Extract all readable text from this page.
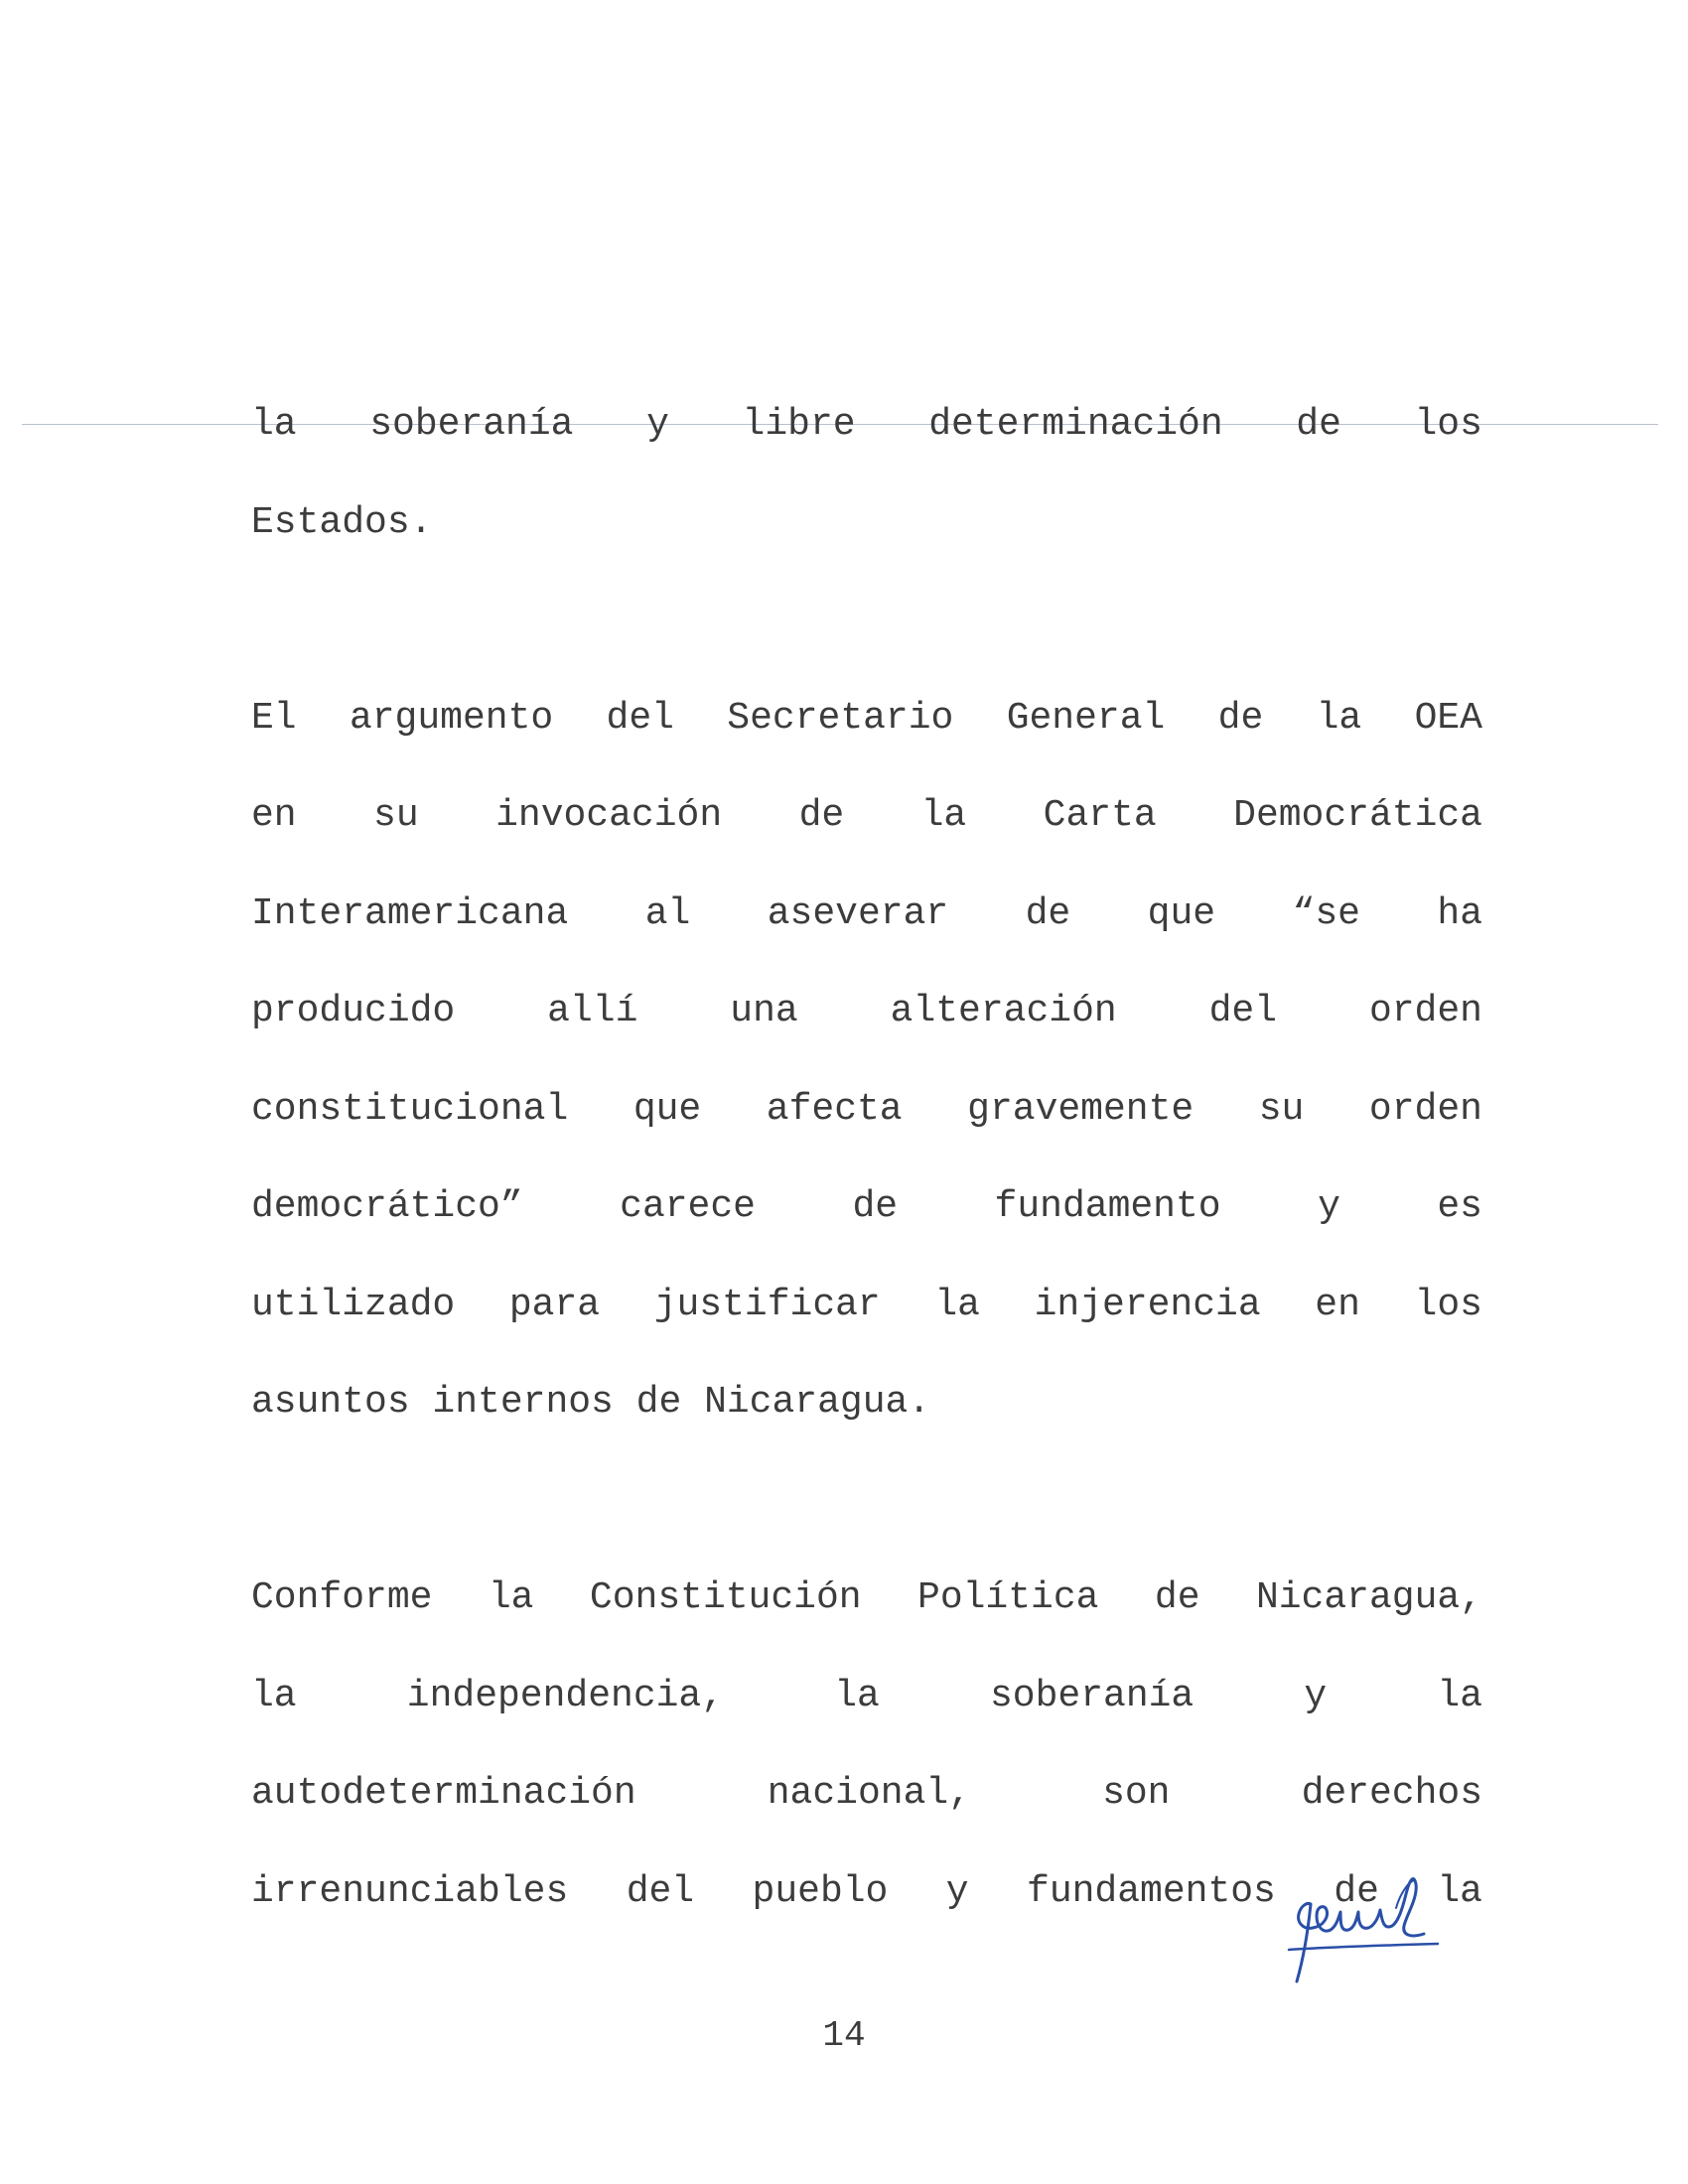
la soberanía y libre determinación de los
Estados.
El argumento del Secretario General de la OEA
en su invocación de la Carta Democrática
Interamericana al aseverar de que “se ha
producido allí una alteración del orden
constitucional que afecta gravemente su orden
democrático”	carece	de	fundamento	y	es
utilizado para justificar la injerencia en los
asuntos internos de Nicaragua.
Conforme la Constitución Política de Nicaragua,
la	independencia,	la	soberanía	y	la
autodeterminación	nacional,	son	derechos
irrenunciables del pueblo y fundamentos de la
14
